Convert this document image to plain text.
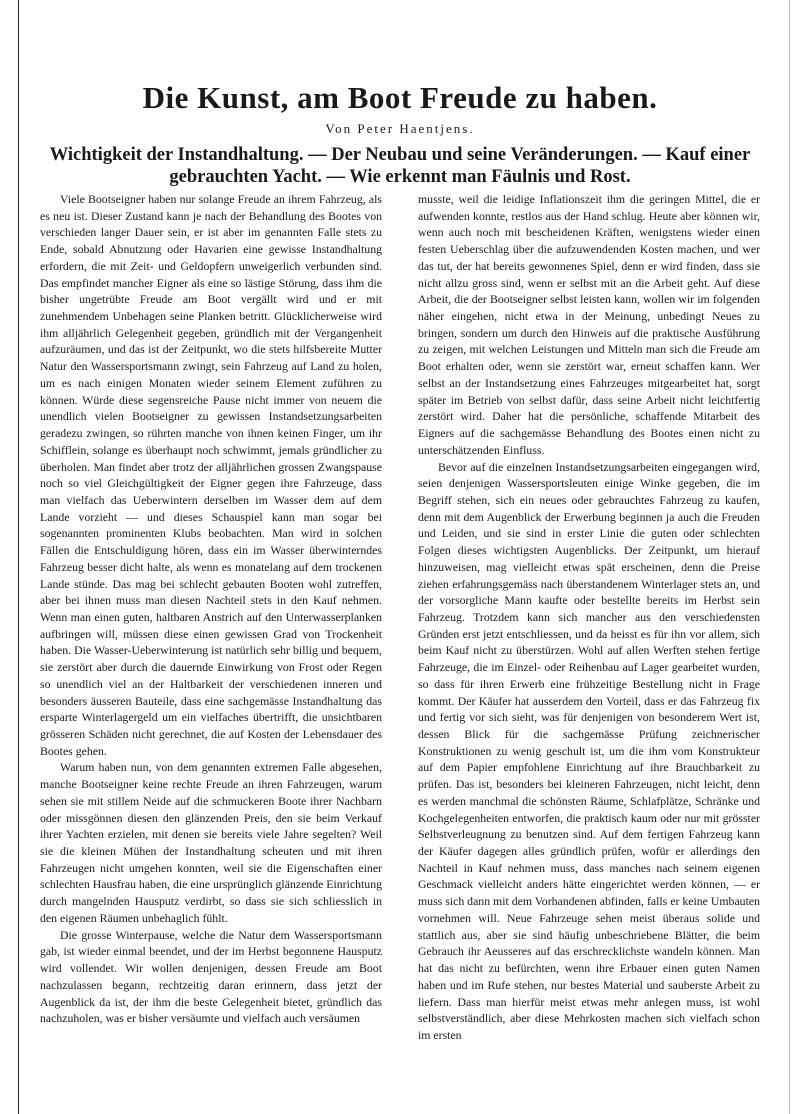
Die Kunst, am Boot Freude zu haben.
Von Peter Haentjens.
Wichtigkeit der Instandhaltung. — Der Neubau und seine Veränderungen. — Kauf einer gebrauchten Yacht. — Wie erkennt man Fäulnis und Rost.

Viele Bootseigner haben nur solange Freude an ihrem Fahrzeug, als es neu ist. Dieser Zustand kann je nach der Behandlung des Bootes von verschieden langer Dauer sein, er ist aber im genannten Falle stets zu Ende, sobald Abnutzung oder Havarien eine gewisse Instandhaltung erfordern, die mit Zeit- und Geldopfern unweigerlich verbunden sind. Das empfindet mancher Eigner als eine so lästige Störung, dass ihm die bisher ungetrübte Freude am Boot vergällt wird und er mit zunehmendem Unbehagen seine Planken betritt. Glücklicherweise wird ihm alljährlich Gelegenheit gegeben, gründlich mit der Vergangenheit aufzuräumen, und das ist der Zeitpunkt, wo die stets hilfsbereite Mutter Natur den Wassersportsmann zwingt, sein Fahrzeug auf Land zu holen, um es nach einigen Monaten wieder seinem Element zuführen zu können. Würde diese segensreiche Pause nicht immer von neuem die unendlich vielen Bootseigner zu gewissen Instandsetzungsarbeiten geradezu zwingen, so rührten manche von ihnen keinen Finger, um ihr Schifflein, solange es überhaupt noch schwimmt, jemals gründlicher zu überholen. Man findet aber trotz der alljährlichen grossen Zwangspause noch so viel Gleichgültigkeit der Eigner gegen ihre Fahrzeuge, dass man vielfach das Ueberwintern derselben im Wasser dem auf dem Lande vorzieht — und dieses Schauspiel kann man sogar bei sogenannten prominenten Klubs beobachten. Man wird in solchen Fällen die Entschuldigung hören, dass ein im Wasser überwinterndes Fahrzeug besser dicht halte, als wenn es monatelang auf dem trockenen Lande stünde. Das mag bei schlecht gebauten Booten wohl zutreffen, aber bei ihnen muss man diesen Nachteil stets in den Kauf nehmen. Wenn man einen guten, haltbaren Anstrich auf den Unterwasserplanken aufbringen will, müssen diese einen gewissen Grad von Trockenheit haben. Die Wasser-Ueberwinterung ist natürlich sehr billig und bequem, sie zerstört aber durch die dauernde Einwirkung von Frost oder Regen so unendlich viel an der Haltbarkeit der verschiedenen inneren und besonders äusseren Bauteile, dass eine sachgemässe Instandhaltung das ersparte Winterlagergeld um ein vielfaches übertrifft, die unsichtbaren grösseren Schäden nicht gerechnet, die auf Kosten der Lebensdauer des Bootes gehen.

Warum haben nun, von dem genannten extremen Falle abgesehen, manche Bootseigner keine rechte Freude an ihren Fahrzeugen, warum sehen sie mit stillem Neide auf die schmuckeren Boote ihrer Nachbarn oder missgönnen diesen den glänzenden Preis, den sie beim Verkauf ihrer Yachten erzielen, mit denen sie bereits viele Jahre segelten? Weil sie die kleinen Mühen der Instandhaltung scheuten und mit ihren Fahrzeugen nicht umgehen konnten, weil sie die Eigenschaften einer schlechten Hausfrau haben, die eine ursprünglich glänzende Einrichtung durch mangelnden Hausputz verdirbt, so dass sie sich schliesslich in den eigenen Räumen unbehaglich fühlt.

Die grosse Winterpause, welche die Natur dem Wassersportsmann gab, ist wieder einmal beendet, und der im Herbst begonnene Hausputz wird vollendet. Wir wollen denjenigen, dessen Freude am Boot nachzulassen begann, rechtzeitig daran erinnern, dass jetzt der Augenblick da ist, der ihm die beste Gelegenheit bietet, gründlich das nachzuholen, was er bisher versäumte und vielfach auch versäumen

musste, weil die leidige Inflationszeit ihm die geringen Mittel, die er aufwenden konnte, restlos aus der Hand schlug. Heute aber können wir, wenn auch noch mit bescheidenen Kräften, wenigstens wieder einen festen Ueberschlag über die aufzuwendenden Kosten machen, und wer das tut, der hat bereits gewonnenes Spiel, denn er wird finden, dass sie nicht allzu gross sind, wenn er selbst mit an die Arbeit geht. Auf diese Arbeit, die der Bootseigner selbst leisten kann, wollen wir im folgenden näher eingehen, nicht etwa in der Meinung, unbedingt Neues zu bringen, sondern um durch den Hinweis auf die praktische Ausführung zu zeigen, mit welchen Leistungen und Mitteln man sich die Freude am Boot erhalten oder, wenn sie zerstört war, erneut schaffen kann. Wer selbst an der Instandsetzung eines Fahrzeuges mitgearbeitet hat, sorgt später im Betrieb von selbst dafür, dass seine Arbeit nicht leichtfertig zerstört wird. Daher hat die persönliche, schaffende Mitarbeit des Eigners auf die sachgemässe Behandlung des Bootes einen nicht zu unterschätzenden Einfluss.

Bevor auf die einzelnen Instandsetzungsarbeiten eingegangen wird, seien denjenigen Wassersportsleuten einige Winke gegeben, die im Begriff stehen, sich ein neues oder gebrauchtes Fahrzeug zu kaufen, denn mit dem Augenblick der Erwerbung beginnen ja auch die Freuden und Leiden, und sie sind in erster Linie die guten oder schlechten Folgen dieses wichtigsten Augenblicks. Der Zeitpunkt, um hierauf hinzuweisen, mag vielleicht etwas spät erscheinen, denn die Preise ziehen erfahrungsgemäss nach überstandenem Winterlager stets an, und der vorsorgliche Mann kaufte oder bestellte bereits im Herbst sein Fahrzeug. Trotzdem kann sich mancher aus den verschiedensten Gründen erst jetzt entschliessen, und da heisst es für ihn vor allem, sich beim Kauf nicht zu überstürzen. Wohl auf allen Werften stehen fertige Fahrzeuge, die im Einzel- oder Reihenbau auf Lager gearbeitet wurden, so dass für ihren Erwerb eine frühzeitige Bestellung nicht in Frage kommt. Der Käufer hat ausserdem den Vorteil, dass er das Fahrzeug fix und fertig vor sich sieht, was für denjenigen von besonderem Wert ist, dessen Blick für die sachgemässe Prüfung zeichnerischer Konstruktionen zu wenig geschult ist, um die ihm vom Konstrukteur auf dem Papier empfohlene Einrichtung auf ihre Brauchbarkeit zu prüfen. Das ist, besonders bei kleineren Fahrzeugen, nicht leicht, denn es werden manchmal die schönsten Räume, Schlafplätze, Schränke und Kochgelegenheiten entworfen, die praktisch kaum oder nur mit grösster Selbstverleugnung zu benutzen sind. Auf dem fertigen Fahrzeug kann der Käufer dagegen alles gründlich prüfen, wofür er allerdings den Nachteil in Kauf nehmen muss, dass manches nach seinem eigenen Geschmack vielleicht anders hätte eingerichtet werden können, — er muss sich dann mit dem Vorhandenen abfinden, falls er keine Umbauten vornehmen will. Neue Fahrzeuge sehen meist überaus solide und stattlich aus, aber sie sind häufig unbeschriebene Blätter, die beim Gebrauch ihr Aeusseres auf das erschrecklichste wandeln können. Man hat das nicht zu befürchten, wenn ihre Erbauer einen guten Namen haben und im Rufe stehen, nur bestes Material und sauberste Arbeit zu liefern. Dass man hierfür meist etwas mehr anlegen muss, ist wohl selbstverständlich, aber diese Mehrkosten machen sich vielfach schon im ersten
